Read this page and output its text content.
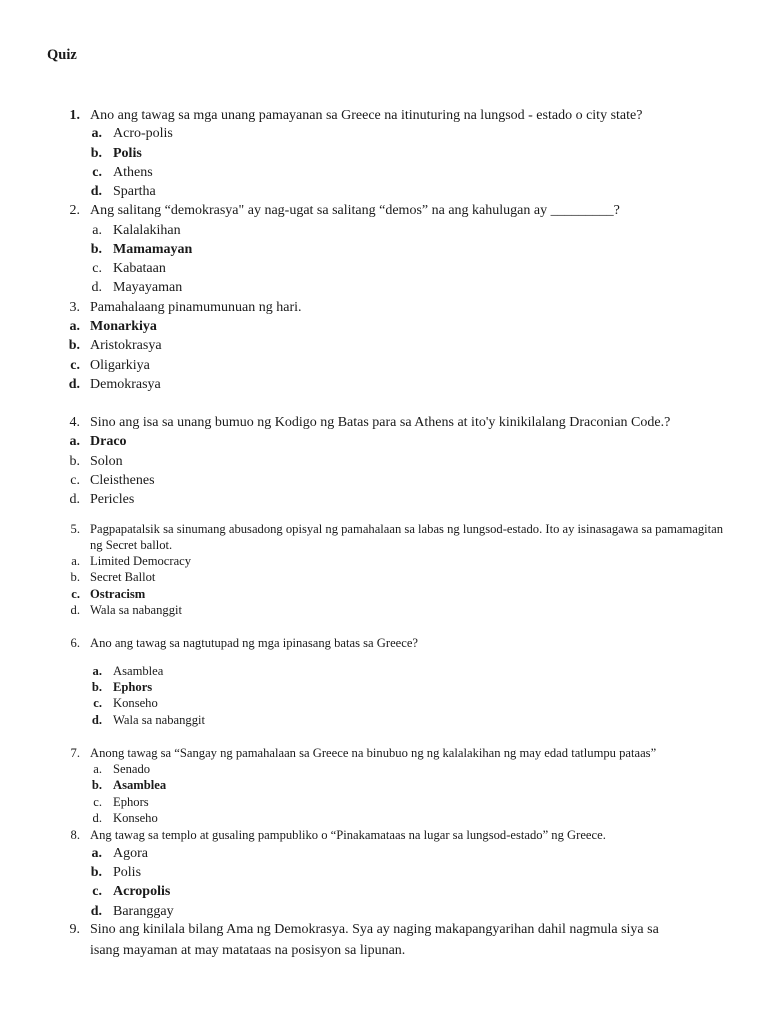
Quiz
1. Ano ang tawag sa mga unang pamayanan sa Greece na itinuturing na lungsod - estado o city state?
a. Acro-polis
b. Polis
c. Athens
d. Spartha
2. Ang salitang “demokrasya" ay nag-ugat sa salitang “demos” na ang kahulugan ay _________?
a. Kalalakihan
b. Mamamayan
c. Kabataan
d. Mayayaman
3. Pamahalaang pinamumunuan ng hari.
a. Monarkiya
b. Aristokrasya
c. Oligarkiya
d. Demokrasya
4. Sino ang isa sa unang bumuo ng Kodigo ng Batas para sa Athens at ito'y kinikilalang Draconian Code.?
a. Draco
b. Solon
c. Cleisthenes
d. Pericles
5. Pagpapatalsik sa sinumang abusadong opisyal ng pamahalaan sa labas ng lungsod-estado. Ito ay isinasagawa sa pamamagitan ng Secret ballot.
a. Limited Democracy
b. Secret Ballot
c. Ostracism
d. Wala sa nabanggit
6. Ano ang tawag sa nagtutupad ng mga ipinasang batas sa Greece?
a. Asamblea
b. Ephors
c. Konseho
d. Wala sa nabanggit
7. Anong tawag sa “Sangay ng pamahalaan sa Greece na binubuo ng ng kalalakihan ng may edad tatlumpu pataas”
a. Senado
b. Asamblea
c. Ephors
d. Konseho
8. Ang tawag sa templo at gusaling pampubliko o “Pinakamataas na lugar sa lungsod-estado” ng Greece.
a. Agora
b. Polis
c. Acropolis
d. Baranggay
9. Sino ang kinilala bilang Ama ng Demokrasya. Sya ay naging makapangyarihan dahil nagmula siya sa
isang mayaman at may matataas na posisyon sa lipunan.
